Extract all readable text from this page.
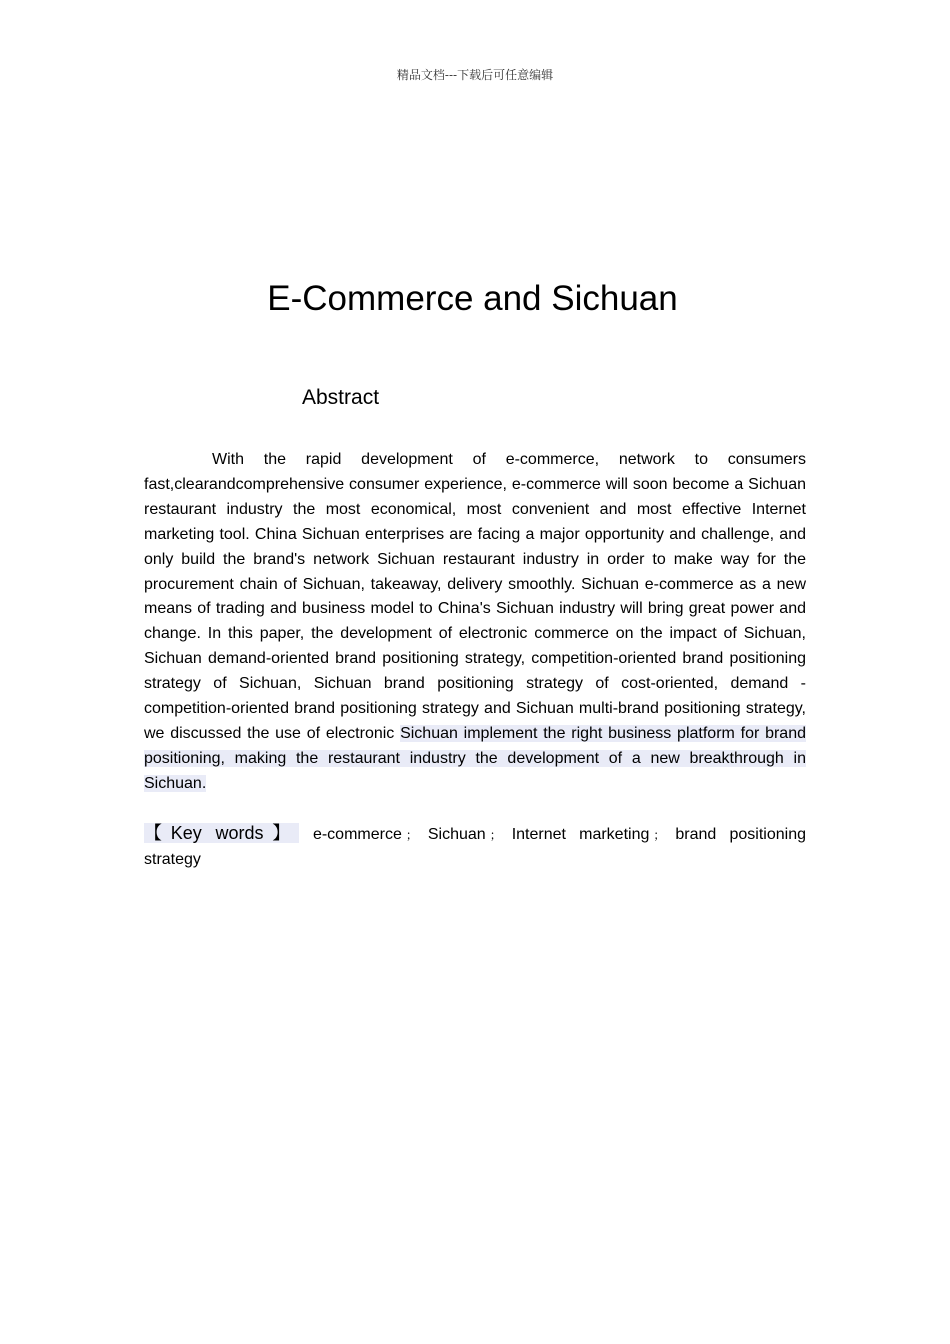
精品文档---下载后可任意编辑
E-Commerce and Sichuan
Abstract

With the rapid development of e-commerce, network to consumers fast,clearandcomprehensive consumer experience, e-commerce will soon become a Sichuan restaurant industry the most economical, most convenient and most effective Internet marketing tool. China Sichuan enterprises are facing a major opportunity and challenge, and only build the brand's network Sichuan restaurant industry in order to make way for the procurement chain of Sichuan, takeaway, delivery smoothly. Sichuan e-commerce as a new means of trading and business model to China's Sichuan industry will bring great power and change. In this paper, the development of electronic commerce on the impact of Sichuan, Sichuan demand-oriented brand positioning strategy, competition-oriented brand positioning strategy of Sichuan, Sichuan brand positioning strategy of cost-oriented, demand - competition-oriented brand positioning strategy and Sichuan multi-brand positioning strategy, we discussed the use of electronic Sichuan implement the right business platform for brand positioning, making the restaurant industry the development of a new breakthrough in Sichuan.

【Key words】 e-commerce ； Sichuan ； Internet marketing ； brand positioning strategy
